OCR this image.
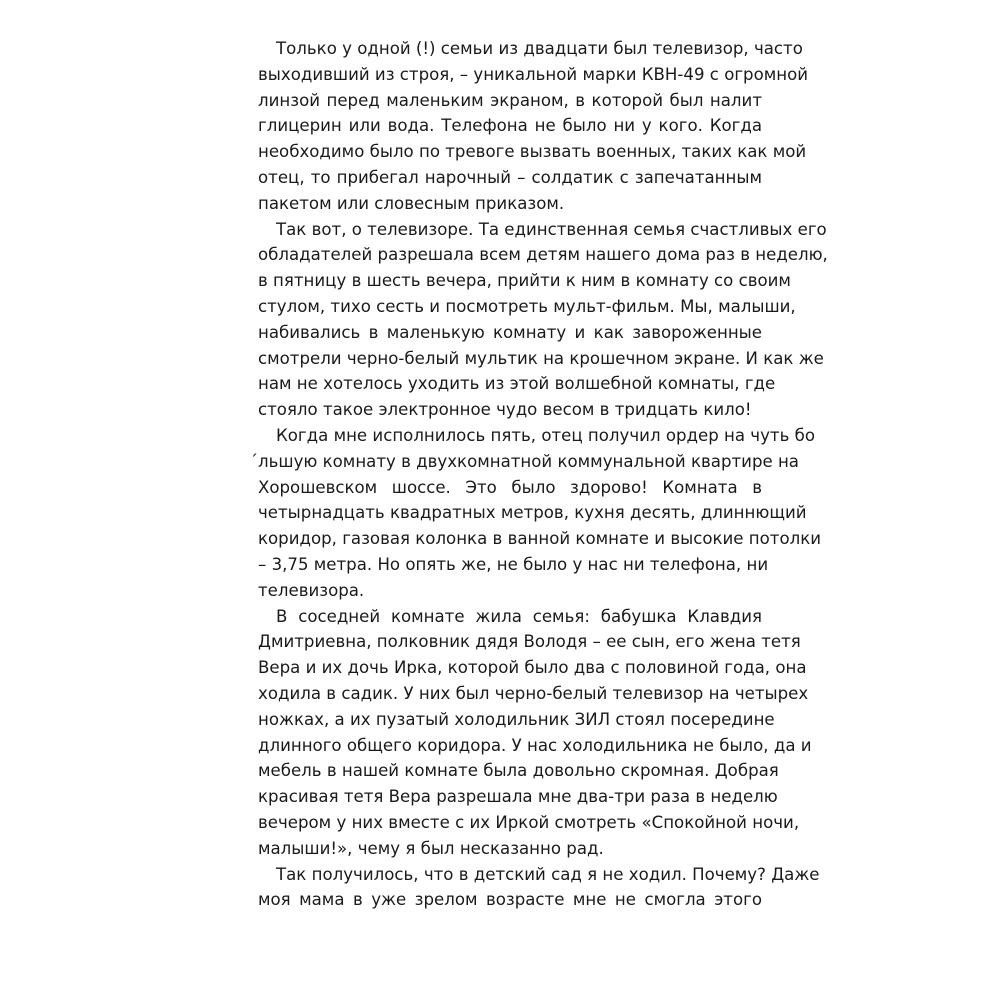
Только у одной (!) семьи из двадцати был телевизор, часто
выходивший из строя, – уникальной марки КВН-49 с огромной
линзой перед маленьким экраном, в которой был налит
глицерин или вода. Телефона не было ни у кого. Когда
необходимо было по тревоге вызвать военных, таких как мой
отец, то прибегал нарочный – солдатик с запечатанным
пакетом или словесным приказом.
Так вот, о телевизоре. Та единственная семья счастливых его
обладателей разрешала всем детям нашего дома раз в неделю,
в пятницу в шесть вечера, прийти к ним в комнату со своим
стулом, тихо сесть и посмотреть мульт-фильм. Мы, малыши,
набивались в маленькую комнату и как завороженные
смотрели черно-белый мультик на крошечном экране. И как же
нам не хотелось уходить из этой волшебной комнаты, где
стояло такое электронное чудо весом в тридцать кило!
Когда мне исполнилось пять, отец получил ордер на чуть бо
́льшую комнату в двухкомнатной коммунальной квартире на
Хорошевском шоссе. Это было здорово! Комната в
четырнадцать квадратных метров, кухня десять, длиннющий
коридор, газовая колонка в ванной комнате и высокие потолки
– 3,75 метра. Но опять же, не было у нас ни телефона, ни
телевизора.
В соседней комнате жила семья: бабушка Клавдия
Дмитриевна, полковник дядя Володя – ее сын, его жена тетя
Вера и их дочь Ирка, которой было два с половиной года, она
ходила в садик. У них был черно-белый телевизор на четырех
ножках, а их пузатый холодильник ЗИЛ стоял посередине
длинного общего коридора. У нас холодильника не было, да и
мебель в нашей комнате была довольно скромная. Добрая
красивая тетя Вера разрешала мне два-три раза в неделю
вечером у них вместе с их Иркой смотреть «Спокойной ночи,
малыши!», чему я был несказанно рад.
Так получилось, что в детский сад я не ходил. Почему? Даже
моя мама в уже зрелом возрасте мне не смогла этого
